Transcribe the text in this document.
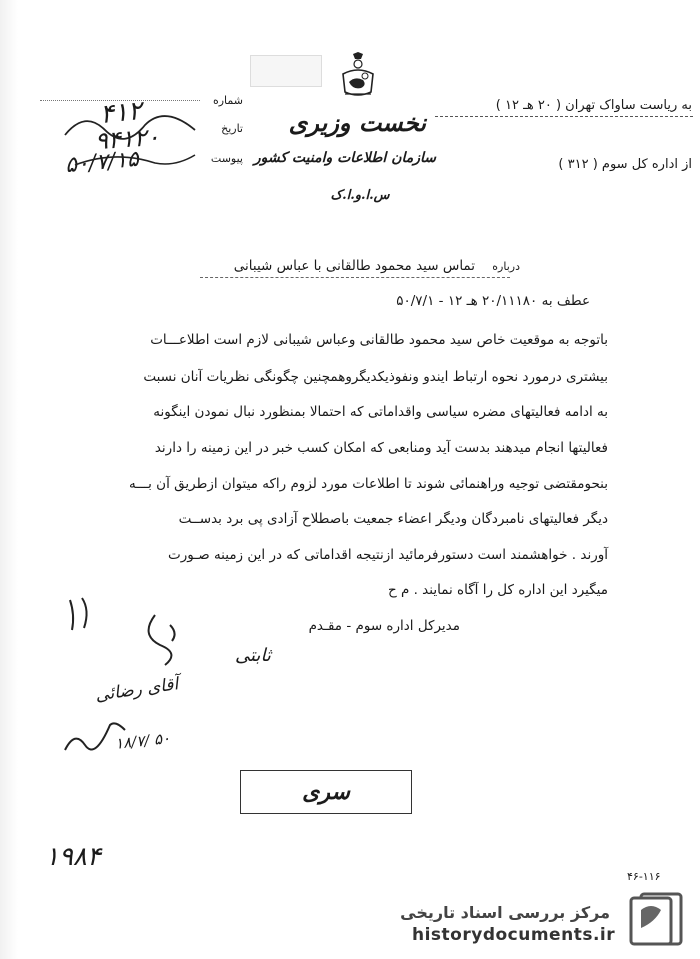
نخست وزیری
سازمان اطلاعات وامنیت کشور
س.ا.و.ا.ک
به ریاست ساواک تهران ( ۲۰ هـ ۱۲ )
از اداره کل سوم ( ۳۱۲ )
شماره
تاریخ
پیوست
۴۱۲
۹۴۱۲۰
۵۰/۷/۱۵
درباره
تماس سید محمود طالقانی با عباس شیبانی
عطف به ۲۰/۱۱۱۸۰ هـ ۱۲ - ۵۰/۷/۱
باتوجه به موقعیت خاص سید محمود طالقانی وعباس شیبانی لازم است اطلاعـــات
بیشتری درمورد نحوه ارتباط ایندو ونفوذیکدیگروهمچنین چگونگی نظریات آنان نسبت
به ادامه فعالیتهای مضره سیاسی واقداماتی که احتمالا بمنظورد نبال نمودن اینگونه
فعالیتها انجام میدهند بدست آید ومنابعی که امکان کسب خبر در این زمینه را دارند
بنحومقتضی توجیه وراهنمائی شوند تا اطلاعات مورد لزوم راکه میتوان ازطریق آن بـــه
دیگر فعالیتهای نامبردگان ودیگر اعضاء جمعیت باصطلاح آزادی پی برد بدســت
آورند . خواهشمند است دستورفرمائید ازنتیجه اقداماتی که در این زمینه صـورت
میگیرد این اداره کل را آگاه نمایند . م ح
مدیرکل اداره سوم - مقـدم
ثابتی
آقای رضائی
۱۸/۷/ ۵۰
سری
۱۹۸۴
۴۶-۱۱۶
مرکز بررسی اسناد تاریخی
historydocuments.ir
